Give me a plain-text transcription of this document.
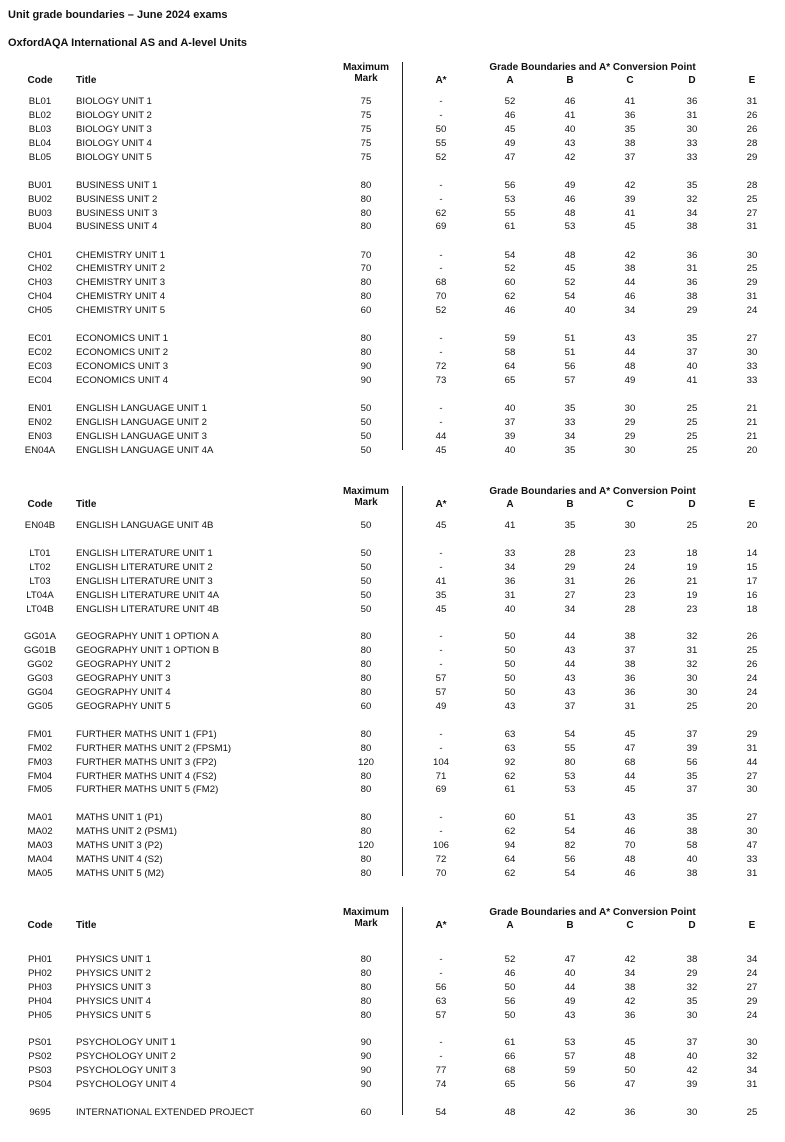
Unit grade boundaries – June 2024 exams
OxfordAQA International AS and A-level Units
Maximum
Mark
Grade Boundaries and A* Conversion Point
Code	Title	A*	A	B	C	D	E
BL01	BIOLOGY UNIT 1	75	-	52	46	41	36	31
BL02	BIOLOGY UNIT 2	75	-	46	41	36	31	26
BL03	BIOLOGY UNIT 3	75	50	45	40	35	30	26
BL04	BIOLOGY UNIT 4	75	55	49	43	38	33	28
BL05	BIOLOGY UNIT 5	75	52	47	42	37	33	29
BU01	BUSINESS UNIT 1	80	-	56	49	42	35	28
BU02	BUSINESS UNIT 2	80	-	53	46	39	32	25
BU03	BUSINESS UNIT 3	80	62	55	48	41	34	27
BU04	BUSINESS UNIT 4	80	69	61	53	45	38	31
CH01	CHEMISTRY UNIT 1	70	-	54	48	42	36	30
CH02	CHEMISTRY UNIT 2	70	-	52	45	38	31	25
CH03	CHEMISTRY UNIT 3	80	68	60	52	44	36	29
CH04	CHEMISTRY UNIT 4	80	70	62	54	46	38	31
CH05	CHEMISTRY UNIT 5	60	52	46	40	34	29	24
EC01	ECONOMICS UNIT 1	80	-	59	51	43	35	27
EC02	ECONOMICS UNIT 2	80	-	58	51	44	37	30
EC03	ECONOMICS UNIT 3	90	72	64	56	48	40	33
EC04	ECONOMICS UNIT 4	90	73	65	57	49	41	33
EN01	ENGLISH LANGUAGE UNIT 1	50	-	40	35	30	25	21
EN02	ENGLISH LANGUAGE UNIT 2	50	-	37	33	29	25	21
EN03	ENGLISH LANGUAGE UNIT 3	50	44	39	34	29	25	21
EN04A	ENGLISH LANGUAGE UNIT 4A	50	45	40	35	30	25	20
Maximum
Mark
Grade Boundaries and A* Conversion Point
Code	Title	A*	A	B	C	D	E
EN04B	ENGLISH LANGUAGE UNIT 4B	50	45	41	35	30	25	20
LT01	ENGLISH LITERATURE UNIT 1	50	-	33	28	23	18	14
LT02	ENGLISH LITERATURE UNIT 2	50	-	34	29	24	19	15
LT03	ENGLISH LITERATURE UNIT 3	50	41	36	31	26	21	17
LT04A	ENGLISH LITERATURE UNIT 4A	50	35	31	27	23	19	16
LT04B	ENGLISH LITERATURE UNIT 4B	50	45	40	34	28	23	18
GG01A	GEOGRAPHY UNIT 1 OPTION A	80	-	50	44	38	32	26
GG01B	GEOGRAPHY UNIT 1 OPTION B	80	-	50	43	37	31	25
GG02	GEOGRAPHY UNIT 2	80	-	50	44	38	32	26
GG03	GEOGRAPHY UNIT 3	80	57	50	43	36	30	24
GG04	GEOGRAPHY UNIT 4	80	57	50	43	36	30	24
GG05	GEOGRAPHY UNIT 5	60	49	43	37	31	25	20
FM01	FURTHER MATHS UNIT 1 (FP1)	80	-	63	54	45	37	29
FM02	FURTHER MATHS UNIT 2 (FPSM1)	80	-	63	55	47	39	31
FM03	FURTHER MATHS UNIT 3 (FP2)	120	104	92	80	68	56	44
FM04	FURTHER MATHS UNIT 4 (FS2)	80	71	62	53	44	35	27
FM05	FURTHER MATHS UNIT 5 (FM2)	80	69	61	53	45	37	30
MA01	MATHS UNIT 1 (P1)	80	-	60	51	43	35	27
MA02	MATHS UNIT 2 (PSM1)	80	-	62	54	46	38	30
MA03	MATHS UNIT 3 (P2)	120	106	94	82	70	58	47
MA04	MATHS UNIT 4 (S2)	80	72	64	56	48	40	33
MA05	MATHS UNIT 5 (M2)	80	70	62	54	46	38	31
Maximum
Mark
Grade Boundaries and A* Conversion Point
Code	Title	A*	A	B	C	D	E
PH01	PHYSICS UNIT 1	80	-	52	47	42	38	34
PH02	PHYSICS UNIT 2	80	-	46	40	34	29	24
PH03	PHYSICS UNIT 3	80	56	50	44	38	32	27
PH04	PHYSICS UNIT 4	80	63	56	49	42	35	29
PH05	PHYSICS UNIT 5	80	57	50	43	36	30	24
PS01	PSYCHOLOGY UNIT 1	90	-	61	53	45	37	30
PS02	PSYCHOLOGY UNIT 2	90	-	66	57	48	40	32
PS03	PSYCHOLOGY UNIT 3	90	77	68	59	50	42	34
PS04	PSYCHOLOGY UNIT 4	90	74	65	56	47	39	31
9695	INTERNATIONAL EXTENDED PROJECT	60	54	48	42	36	30	25
